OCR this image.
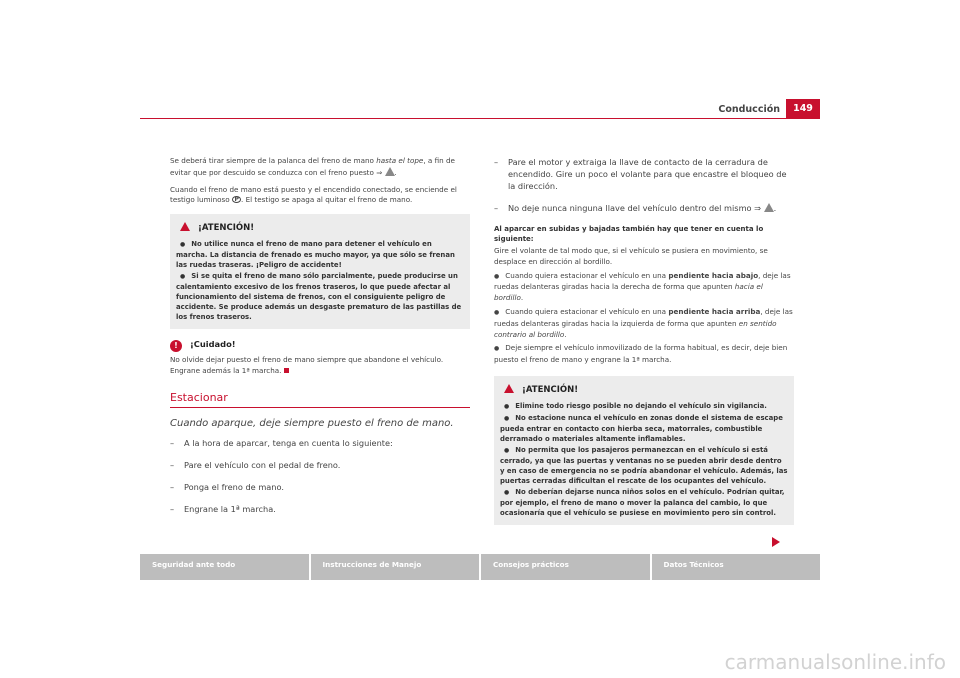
Conducción	149

Se deberá tirar siempre de la palanca del freno de mano hasta el tope, a fin de evitar que por descuido se conduzca con el freno puesto ⇒ .

Cuando el freno de mano está puesto y el encendido conectado, se enciende el testigo luminoso P . El testigo se apaga al quitar el freno de mano.

¡ATENCIÓN!

● No utilice nunca el freno de mano para detener el vehículo en marcha. La distancia de frenado es mucho mayor, ya que sólo se frenan las ruedas traseras. ¡Peligro de accidente!

● Si se quita el freno de mano sólo parcialmente, puede producirse un calentamiento excesivo de los frenos traseros, lo que puede afectar al funcionamiento del sistema de frenos, con el consiguiente peligro de accidente. Se produce además un desgaste prematuro de las pastillas de los frenos traseros.

! ¡Cuidado!

No olvide dejar puesto el freno de mano siempre que abandone el vehículo. Engrane además la 1ª marcha.

Estacionar
Cuando aparque, deje siempre puesto el freno de mano.
– A la hora de aparcar, tenga en cuenta lo siguiente:
– Pare el vehículo con el pedal de freno.
– Ponga el freno de mano.
– Engrane la 1ª marcha.
– Pare el motor y extraiga la llave de contacto de la cerradura de encendido. Gire un poco el volante para que encastre el bloqueo de la dirección.
– No deje nunca ninguna llave del vehículo dentro del mismo ⇒ .
Al aparcar en subidas y bajadas también hay que tener en cuenta lo siguiente:

Gire el volante de tal modo que, si el vehículo se pusiera en movimiento, se desplace en dirección al bordillo.

● Cuando quiera estacionar el vehículo en una pendiente hacia abajo, deje las ruedas delanteras giradas hacia la derecha de forma que apunten hacia el bordillo.
● Cuando quiera estacionar el vehículo en una pendiente hacia arriba, deje las ruedas delanteras giradas hacia la izquierda de forma que apunten en sentido contrario al bordillo.
● Deje siempre el vehículo inmovilizado de la forma habitual, es decir, deje bien puesto el freno de mano y engrane la 1ª marcha.
¡ATENCIÓN!

● Elimine todo riesgo posible no dejando el vehículo sin vigilancia.

● No estacione nunca el vehículo en zonas donde el sistema de escape pueda entrar en contacto con hierba seca, matorrales, combustible derramado o materiales altamente inflamables.

● No permita que los pasajeros permanezcan en el vehículo si está cerrado, ya que las puertas y ventanas no se pueden abrir desde dentro y en caso de emergencia no se podría abandonar el vehículo. Además, las puertas cerradas dificultan el rescate de los ocupantes del vehículo.

● No deberían dejarse nunca niños solos en el vehículo. Podrían quitar, por ejemplo, el freno de mano o mover la palanca del cambio, lo que ocasionaría que el vehículo se pusiese en movimiento pero sin control.

Seguridad ante todo	Instrucciones de Manejo	Consejos prácticos	Datos Técnicos
carmanualsonline.info
